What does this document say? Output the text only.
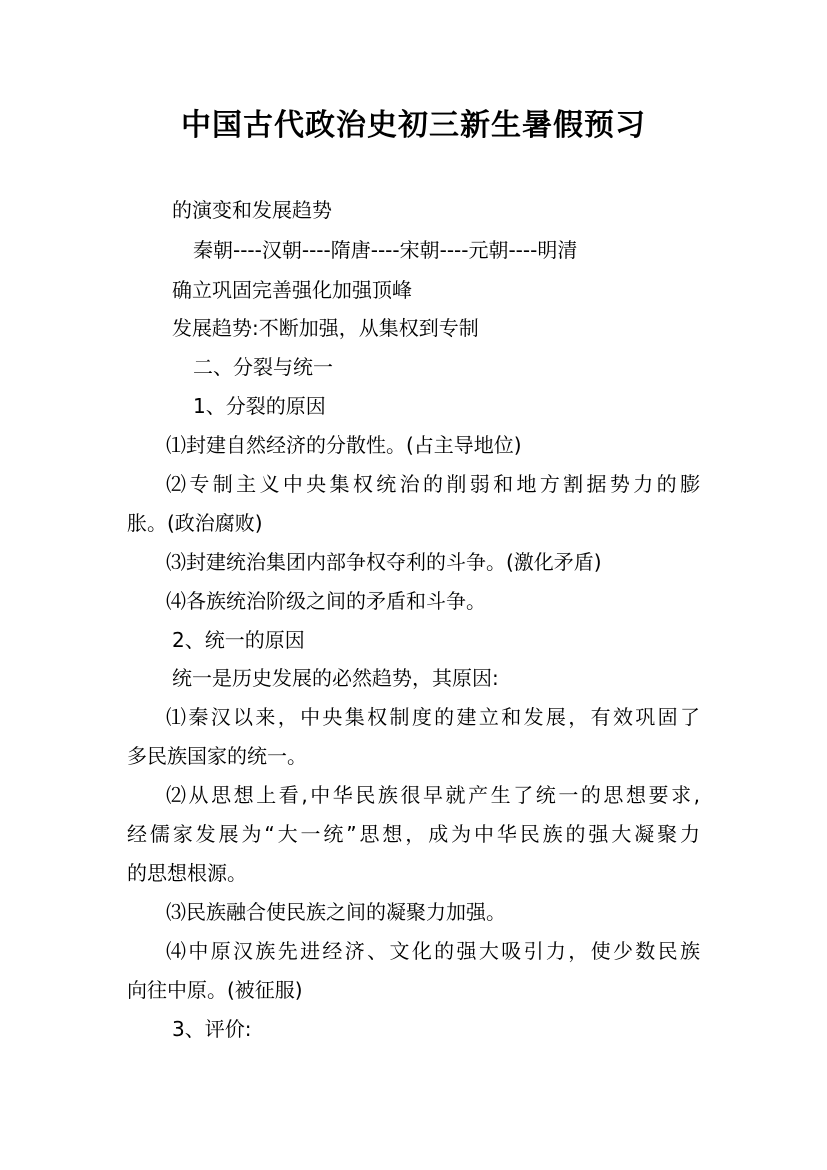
中国古代政治史初三新生暑假预习
的演变和发展趋势
秦朝----汉朝----隋唐----宋朝----元朝----明清
确立巩固完善强化加强顶峰
发展趋势:不断加强，从集权到专制
二、分裂与统一
1、分裂的原因
⑴封建自然经济的分散性。(占主导地位)
⑵专制主义中央集权统治的削弱和地方割据势力的膨
胀。(政治腐败)
⑶封建统治集团内部争权夺利的斗争。(激化矛盾)
⑷各族统治阶级之间的矛盾和斗争。
2、统一的原因
统一是历史发展的必然趋势，其原因:
⑴秦汉以来，中央集权制度的建立和发展，有效巩固了
多民族国家的统一。
⑵从思想上看,中华民族很早就产生了统一的思想要求,
经儒家发展为“大一统”思想，成为中华民族的强大凝聚力
的思想根源。
⑶民族融合使民族之间的凝聚力加强。
⑷中原汉族先进经济、文化的强大吸引力，使少数民族
向往中原。(被征服)
3、评价:
